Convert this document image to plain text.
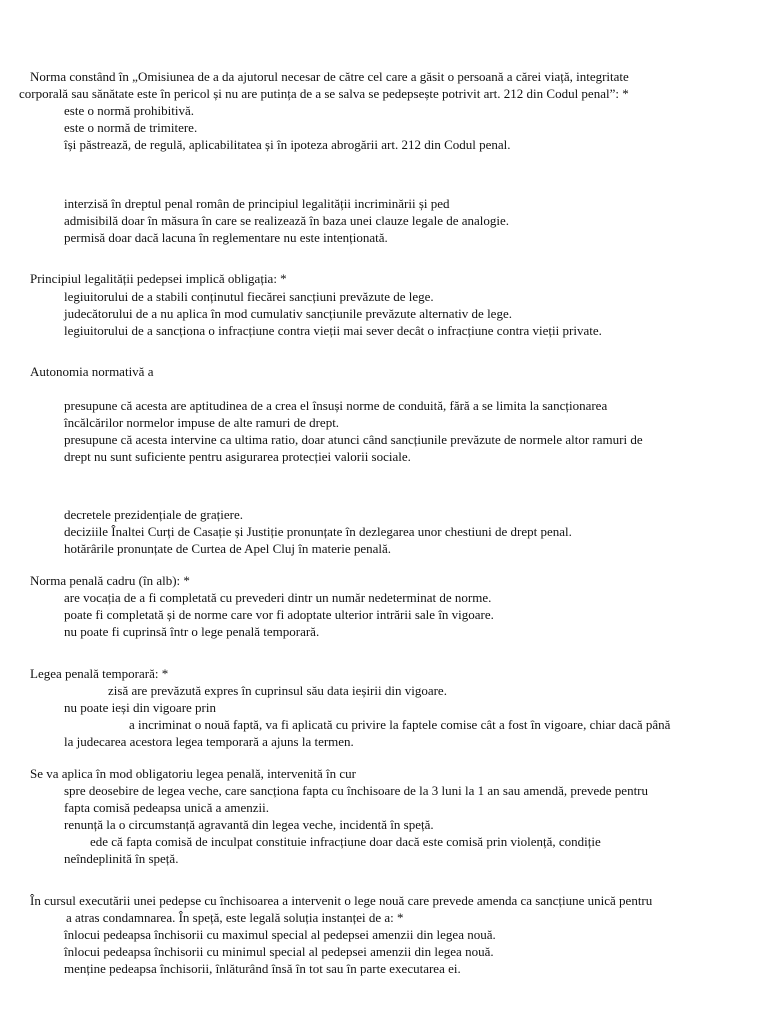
Norma constând în „Omisiunea de a da ajutorul necesar de către cel care a găsit o persoană a cărei viață, integritate
corporală sau sănătate este în pericol și nu are putința de a se salva se pedepsește potrivit art. 212 din Codul penal”: *
este o normă prohibitivă.
este o normă de trimitere.
își păstrează, de regulă, aplicabilitatea și în ipoteza abrogării art. 212 din Codul penal.
interzisă în dreptul penal român de principiul legalității incriminării și ped
admisibilă doar în măsura în care se realizează în baza unei clauze legale de analogie.
permisă doar dacă lacuna în reglementare nu este intenționată.
Principiul legalității pedepsei implică obligația: *
legiuitorului de a stabili conținutul fiecărei sancțiuni prevăzute de lege.
judecătorului de a nu aplica în mod cumulativ sancțiunile prevăzute alternativ de lege.
legiuitorului de a sancționa o infracțiune contra vieții mai sever decât o infracțiune contra vieții private.
Autonomia normativă a
presupune că acesta are aptitudinea de a crea el însuși norme de conduită, fără a se limita la sancționarea
încălcărilor normelor impuse de alte ramuri de drept.
presupune că acesta intervine ca ultima ratio, doar atunci când sancțiunile prevăzute de normele altor ramuri de
drept nu sunt suficiente pentru asigurarea protecției valorii sociale.
decretele prezidențiale de grațiere.
deciziile Înaltei Curți de Casație și Justiție pronunțate în dezlegarea unor chestiuni de drept penal.
hotărârile pronunțate de Curtea de Apel Cluj în materie penală.
Norma penală cadru (în alb): *
are vocația de a fi completată cu prevederi dintr un număr nedeterminat de norme.
poate fi completată și de norme care vor fi adoptate ulterior intrării sale în vigoare.
nu poate fi cuprinsă într o lege penală temporară.
Legea penală temporară: *
zisă are prevăzută expres în cuprinsul său data ieșirii din vigoare.
nu poate ieși din vigoare prin
a incriminat o nouă faptă, va fi aplicată cu privire la faptele comise cât a fost în vigoare, chiar dacă până
la judecarea acestora legea temporară a ajuns la termen.
Se va aplica în mod obligatoriu legea penală, intervenită în cur
spre deosebire de legea veche, care sancționa fapta cu închisoare de la 3 luni la 1 an sau amendă, prevede pentru
fapta comisă pedeapsa unică a amenzii.
renunță la o circumstanță agravantă din legea veche, incidentă în speță.
ede că fapta comisă de inculpat constituie infracțiune doar dacă este comisă prin violență, condiție
neîndeplinită în speță.
În cursul executării unei pedepse cu închisoarea a intervenit o lege nouă care prevede amenda ca sancțiune unică pentru
a atras condamnarea. În speță, este legală soluția instanței de a: *
înlocui pedeapsa închisorii cu maximul special al pedepsei amenzii din legea nouă.
înlocui pedeapsa închisorii cu minimul special al pedepsei amenzii din legea nouă.
menține pedeapsa închisorii, înlăturând însă în tot sau în parte executarea ei.
